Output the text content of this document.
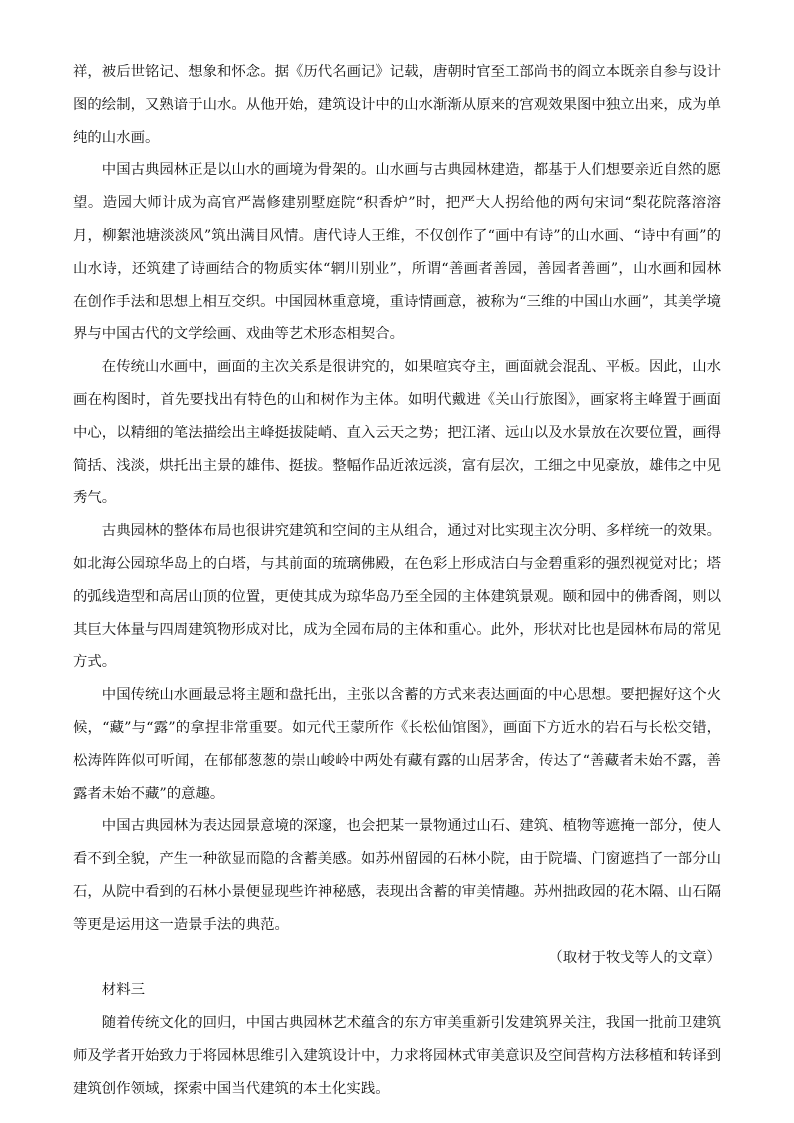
祥，被后世铭记、想象和怀念。据《历代名画记》记载，唐朝时官至工部尚书的阎立本既亲自参与设计图的绘制，又熟谙于山水。从他开始，建筑设计中的山水渐渐从原来的宫观效果图中独立出来，成为单纯的山水画。

中国古典园林正是以山水的画境为骨架的。山水画与古典园林建造，都基于人们想要亲近自然的愿望。造园大师计成为高官严嵩修建别墅庭院“积香炉”时，把严大人拐给他的两句宋词“梨花院落溶溶月，柳絮池塘淡淡风”筑出满目风情。唐代诗人王维，不仅创作了“画中有诗”的山水画、“诗中有画”的山水诗，还筑建了诗画结合的物质实体“辋川别业”，所谓“善画者善园，善园者善画”，山水画和园林在创作手法和思想上相互交织。中国园林重意境，重诗情画意，被称为“三维的中国山水画”，其美学境界与中国古代的文学绘画、戏曲等艺术形态相契合。

在传统山水画中，画面的主次关系是很讲究的，如果喧宾夺主，画面就会混乱、平板。因此，山水画在构图时，首先要找出有特色的山和树作为主体。如明代戴进《关山行旅图》，画家将主峰置于画面中心，以精细的笔法描绘出主峰挺拔陡峭、直入云天之势；把江渚、远山以及水景放在次要位置，画得简括、浅淡，烘托出主景的雄伟、挺拔。整幅作品近浓远淡，富有层次，工细之中见豪放，雄伟之中见秀气。

古典园林的整体布局也很讲究建筑和空间的主从组合，通过对比实现主次分明、多样统一的效果。如北海公园琼华岛上的白塔，与其前面的琉璃佛殿，在色彩上形成洁白与金碧重彩的强烈视觉对比；塔的弧线造型和高居山顶的位置，更使其成为琼华岛乃至全园的主体建筑景观。颐和园中的佛香阁，则以其巨大体量与四周建筑物形成对比，成为全园布局的主体和重心。此外，形状对比也是园林布局的常见方式。

中国传统山水画最忌将主题和盘托出，主张以含蓄的方式来表达画面的中心思想。要把握好这个火候，“藏”与“露”的拿捏非常重要。如元代王蒙所作《长松仙馆图》，画面下方近水的岩石与长松交错，松涛阵阵似可听闻，在郁郁葱葱的崇山峻岭中两处有藏有露的山居茅舍，传达了“善藏者未始不露，善露者未始不藏”的意趣。

中国古典园林为表达园景意境的深邃，也会把某一景物通过山石、建筑、植物等遮掩一部分，使人看不到全貌，产生一种欲显而隐的含蓄美感。如苏州留园的石林小院，由于院墙、门窗遮挡了一部分山石，从院中看到的石林小景便显现些许神秘感，表现出含蓄的审美情趣。苏州拙政园的花木隔、山石隔等更是运用这一造景手法的典范。

（取材于牧戈等人的文章）

材料三

随着传统文化的回归，中国古典园林艺术蕴含的东方审美重新引发建筑界关注，我国一批前卫建筑师及学者开始致力于将园林思维引入建筑设计中，力求将园林式审美意识及空间营构方法移植和转译到建筑创作领域，探索中国当代建筑的本土化实践。
